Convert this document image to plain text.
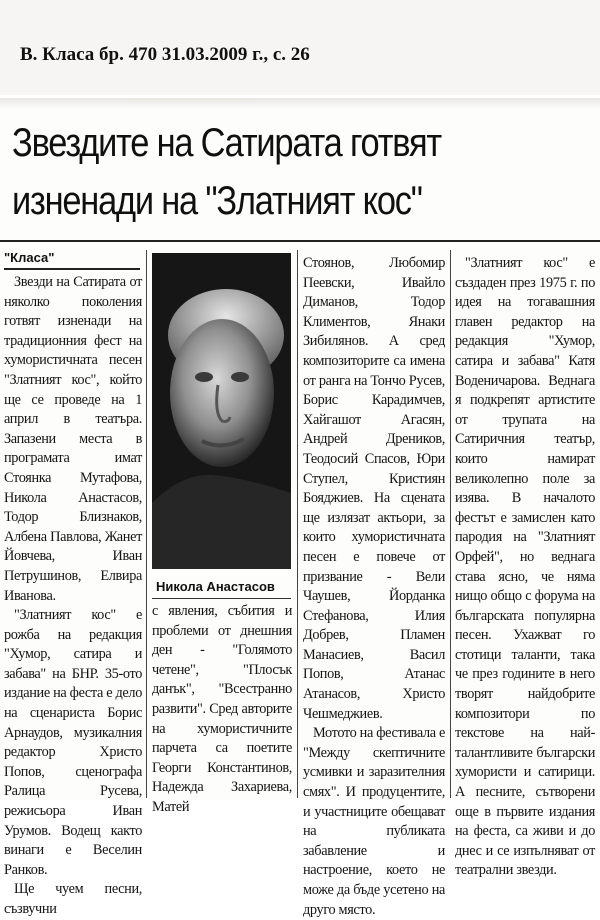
В. Класа бр. 470 31.03.2009 г., с. 26
Звездите на Сатирата готвят
изненади на "Златният кос"
"Класа"

Звезди на Сатирата от няколко поколения готвят изненади на традиционния фест на хумористичната песен "Златният кос", който ще се проведе на 1 април в театъра. Запазени места в програмата имат Стоянка Мутафова, Никола Анастасов, Тодор Близнаков, Албена Павлова, Жанет Йовчева, Иван Петрушинов, Елвира Иванова.

"Златният кос" е рожба на редакция "Хумор, сатира и забава" на БНР. 35-ото издание на феста е дело на сценариста Борис Арнаудов, музикалния редактор Христо Попов, сценографа Ралица Русева, режисьора Иван Урумов. Водещ както винаги е Веселин Ранков.

Ще чуем песни, съзвучни

Никола Анастасов

с явления, събития и проблеми от днешния ден - "Голямото четене", "Плосък данък", "Всестранно развити". Сред авторите на хумористичните парчета са поетите Георги Константинов, Надежда Захариева, Матей

Стоянов, Любомир Пеевски, Ивайло Диманов, Тодор Климентов, Янаки Зибилянов. А сред композиторите са имена от ранга на Тончо Русев, Борис Карадимчев, Хайгашот Агасян, Андрей Дреников, Теодосий Спасов, Юри Ступел, Кристиян Бояджиев. На сцената ще излязат актьори, за които хумористичната песен е повече от призвание - Вели Чаушев, Йорданка Стефанова, Илия Добрев, Пламен Манасиев, Васил Попов, Атанас Атанасов, Христо Чешмеджиев.

Мотото на фестивала е "Между скептичните усмивки и заразителния смях". И продуцентите, и участниците обещават на публиката забавление и настроение, което не може да бъде усетено на друго място.

"Златният кос" е създаден през 1975 г. по идея на тогавашния главен редактор на редакция "Хумор, сатира и забава" Катя Воденичарова. Веднага я подкрепят артистите от трупата на Сатиричния театър, които намират великолепно поле за изява. В началото фестът е замислен като пародия на "Златният Орфей", но веднага става ясно, че няма нищо общо с форума на българската популярна песен. Ухажват го стотици таланти, така че през годините в него творят найдобрите композитори по текстове на най-талантливите български хумористи и сатирици. А песните, сътворени още в първите издания на феста, са живи и до днес и се изпълняват от театрални звезди.
